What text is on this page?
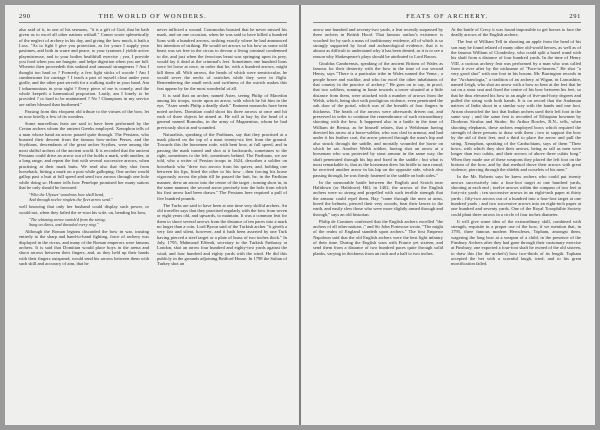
290	THE WORLD OF WONDERS.

also said of it, in one of his sermons, "it is a gift of God, that he hath given us to excel all other nations withall." Canon wrote splenetically of the neglect of archery in his day, and giving the how much, it hath a Loss. "As to fight I give you protection, as for yours I supply your pastimes, and both in warre and peace, to your tyrannes I yielde active playmistresse, and to your bodies healthfull exercise ; yea, I provide you food when you are hungrie, and helpe digestion when you are full. Wherein then proceedeth this unkind and unusual strangeness ? Am I thought too hard or ? Formerly, a few light sticks of woode ! Am I cumbersome for carriage ? I teach a part of myself close under your girdle, and the other part serveth for a walking staffe in your hand. Am I inharmonious in your sight ? Every piece of me is comely, and the whole keepeth a harmonical proportion. Lastly, am I lonely to be provided ? or hard to be maintained ? No ! Champions in my service are rather blessed than burthened."

Passing from this eloquent old tribute to the virtues of the bow, let us now briefly a few of its wonders.

Some marvellous feats are said to have been performed by the Cretan archers whom the ancient Greeks employed. Xenophon tells of a man whose hand an arrow passed quite through. The Persians, who boasted their descent from the famous bow-archer Perses, and the Scythians, descendants of the great archer Scythes, were among the most skilful archers of the ancient world. It is recorded that the ancient Persians could drive an arrow out of the holds a mark, with another, at a long range, and repeat the feat with several successive arrows, when practising at their mark butts. We read also that they shot from horseback, hitting a mark on a post while galloping. One archer would gallop past a butt at full speed and send two arrows through one hole while doing so. Homer tells how Penelope promised her many suitors that he only should be favoured

"Who the Ulysses' wondrous bow shall bend,
And through twelve ringlets the fleet arrow send."

well knowing that only her husband could display such power, or would not, when they failed the re-won his wife, on, bending his bow,

"The whizzing arrow vanish'd from the string,
Sung on direct, and threaded every ring."

Although the Roman legions discarded the bow in war, trusting entirely to the sharp and hand-to-hand fighting, force of archery was displayed in the circus, and many of the Roman emperors were famous archers. It is said that Domitian would place boys in the arena and shoot arrows between their fingers, and, as they held up their hands with their fingers outspread, would send his arrows between them with such skill and accuracy of aim, that he

never inflicted a wound. Commodus boasted that he never missed his mark, and on one occasion, when he was said to have killed a hundred lions with a hundred arrows, striking exactly where he had announced his intention of striking. He would set arrows so his bow as some wild beast was set free in the circus to devour a living criminal condemned to die, and just when the ferocious beast was springing upon its prey, would lay it dead at the criminal's feet. Sometimes one hundred lions were let loose at once, in order that he, with a hundred arrows, might kill them all. With arrows, the heads of which were semicircular, he would sever the necks of ostriches while they were in flight. Remembering the small neck and swiftness of the ostrich makes this feat appear by far the most wonderful of all.

It is said that an archer, named Aster, seeing Philip of Macedon among his troops, wrote upon an arrow, with which he hit him in the eye, "Aster sends Philip a deadly shaft." Eminent monarchs have been noted archers. Domitian could shoot his three arrows at once and hit each of three objects he aimed at. He will at bay by the head of a general named Romulus, in the army of Magnentius, whom he had previously shot at and wounded.

Naturalists, speaking of the Parthians, say that they practised at a mark placed on the top of a mast twenty-six feet from the ground. Towards this the horsemen rode, with bent bow, at full speed, and in passing the mark turned and shot at it backwards, sometimes to the right, sometimes to the left, sometimes behind. The Parthians, we are told, who a writer of Persian troops in 1624, describes a soldier on horseback who "drew two arrows from his quiver, and, holding one between his lips, fitted the other to his bow ; then forcing his horse vigorously across the plain till he passed the butt, he, in the Parthian manner, drew an arrow into the centre of the target ; turning short in, in the same manner, the second arrow precisely into the hole from which his first arrow had been drawn." The Persians here required a pull of five hundred pounds.

The Turks are said to have been at one time very skilful archers. An old traveller says that they practised regularly with the bow from seven or eight years old, and upwards, to maintain. It was a common feat for them to shoot several arrows from the distance of ten paces into a mark no larger than a coin. Lord Byron said of the Turkish archer "it giveth a very fair and silent, however, and it hath been asserted by one Turk having pierced a steel target or a plate of brass of two inches thick." In July, 1795, Mahmoud Effendi, secretary to the Turkish Embassy at London, shot an arrow four hundred and eighty-two yards against the wind, and four hundred and eighty yards with the wind. He did this publicly in the grounds adjoining Bedford House. In 1798 the Sultan of Turkey shot an

FEATS OF ARCHERY.	291

arrow one hundred and seventy-two yards, a feat recently surpassed by three archers in British Hood. That famous outlaw's existence is vouched for by such a mass of traditionary evidence, all of which is so strongly supported by local and archaeological evidence, that it is almost as difficult to understand why it has been denied, as it is to see a reason why Shakespeare's plays should be attributed to Lord Bacon.

Giraldus Cambrensis, speaking of the ancient Britons of Wales as famous for their dexterity with the bow in the time of our second Henry, says "There is a particular tribe in Wales named the Venta ; a people brave and warlike, and who far excel the other inhabitants of that country in the practice of archery." He goes on to say, in proof, that two soldiers, running in haste towards a tower situated at a little distance from them, were attacked with a number of arrows from the Welsh, which, being shot with prodigious violence, even penetrated the oak door of the portal, which was of the breadth of four fingers in thickness. The heads of the arrows were afterwards driven out, and preserved in order to continue the remembrance of such extraordinary shooting with the bow. It happened also in a battle in the time of William de Breusa, as he himself relates, that a Welshman having directed his arrow at a horse-soldier, who was clad in armour, and had under it his leather coat, the arrow pierced through the man's hip and also struck through the saddle, and mortally wounded the horse on which he sat. Another Welsh soldier, having shot an arrow at a horseman who was protected by stout armour in the same way, the shaft penetrated through his hip and fixed in the saddle ; but what is most remarkable is, that as the horseman drew his bridle to turn round, he received another arrow in his hip on the opposite side, which also passing through, he was firmly fastened to the saddle on both sides."

In the memorable battle between the English and Scotch near Halidown (or Halidowe) Hill, in 1402, the arrows of the English archers were so strong and propelled with such terrible strength that the armour could repel them. Hay "came through the men at arms, bored the helmets, pierced their very swords, beat their lances to the earth, and easily slew those who were more slightly armed through and through," says an old historian.

Philip de Comines confessed that the English archers excelled "the archers of all other nations ;" and Sir John Fortescue wrote, "The might of the realm of England standeth upon archers." The first Emperor Napoleon said that the old English archers were the best light infantry of their time. During the English wars with France yet sixteen, and send them from a distance of two hundred paces quite through solid planks, varying in thickness from an inch and a half to two inches.

At the battle of Crecy it was found impossible to get horses to face the deadly arrows of the English archers.

The feat of William Tell in shooting an apple from the head of his son may be found related of many other old-world heroes, as well as of the famous William of Cloudesley, who could split a hazel wand with his shaft from a distance of four hundred yards. In the time of Henry VIII. a curious archery feat was performed by a man who was called from it ever after by the nickname of "Fore-to-heaven." He shot "a very good shot" with one foot in his bosom. Mr. Barrington records in the "Archaeologia," a tradition of an archery at Wigan, in Lancashire, named Leigh, who shot an arrow with a bow so bent at the feet that he sat on a stout seat and fixed the centre of his bow between his feet, so that he thus elevated his bow to an angle of five-and-forty degrees and pulled the string with both hands. It is on record that the Andaman natives of India shoot in a similar way with the hands and one foot. Arrian chronicled the fact that Indian archers used their left foot in the same way ; and the same feat is recorded of Ethiopian bowmen by Diodorus Siculus and Strabo. Sir Arthur Bowles, R.N., tells, when shooting elephants, these archers employed bows which required the strength of three persons to draw with them ; two to support the bow by the aid of their feet, and a third to place the arrow and pull the string. Xenophon, speaking of the Carduchians, says of them "Their bows, with which they shot their arrows, being as tall as men were longer than two cubits, and their arrows of above three cubits long." When they made use of these weapons they placed the left foot on the bottom of the bow, and by that method drove their arrows with great violence, piercing through the shields and corselets of his men."

In the Mr. Roberts says he knew archers who could put twenty arrows successively into a four-foot target at one hundred yards, shooting at each end ; twelve arrows within the compass of two feet at forty-six yards ; ten successive arrows in an eight-inch paper at thirty yards ; fifty-two arrows out of a hundred into a four-foot target at one hundred yards ; and two successive arrows into an eight-inch paper at one hundred and seventy yards. One of the Royal Toxophilite Society could plant three arrows in a circle of four inches diameter.

It will give some idea of the extraordinary skill, combined with strength, requisite in a proper use of the bow, if we mention that, in 1795, three famous modern Herculeses, Topham, amongst them, wagering the long bow at a weapon of a child, in the presence of the Finsbury Archers after they had gone through their customary exercise at Finsbury, one exported a four-foot shaft he owned of the old sixteen, to draw this (for the archer's) bow two-thirds of its length. Topham accepted the bet with a scornful laugh, tried, and to his great mortification failed.
